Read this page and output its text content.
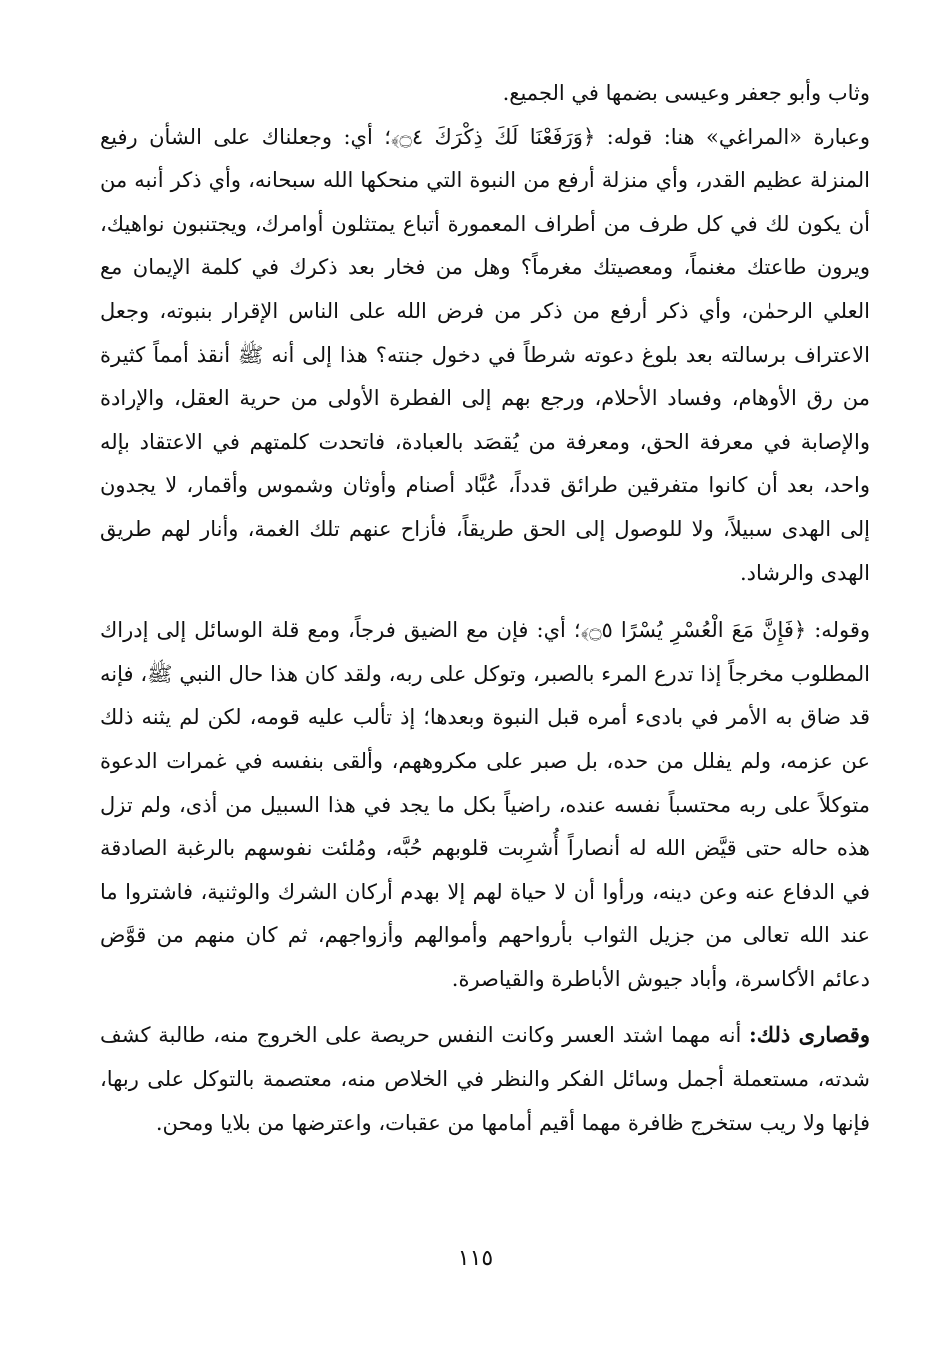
وثاب وأبو جعفر وعيسى بضمها في الجميع.

وعبارة «المراغي» هنا: قوله: ﴿وَرَفَعْنَا لَكَ ذِكْرَكَ ۝٤﴾؛ أي: وجعلناك على الشأن رفيع المنزلة عظيم القدر، وأي منزلة أرفع من النبوة التي منحكها الله سبحانه، وأي ذكر أنبه من أن يكون لك في كل طرف من أطراف المعمورة أتباع يمتثلون أوامرك، ويجتنبون نواهيك، ويرون طاعتك مغنماً، ومعصيتك مغرماً؟ وهل من فخار بعد ذكرك في كلمة الإيمان مع العلي الرحمٰن، وأي ذكر أرفع من ذكر من فرض الله على الناس الإقرار بنبوته، وجعل الاعتراف برسالته بعد بلوغ دعوته شرطاً في دخول جنته؟ هذا إلى أنه ﷺ أنقذ أمماً كثيرة من رق الأوهام، وفساد الأحلام، ورجع بهم إلى الفطرة الأولى من حرية العقل، والإرادة والإصابة في معرفة الحق، ومعرفة من يُقصَد بالعبادة، فاتحدت كلمتهم في الاعتقاد بإله واحد، بعد أن كانوا متفرقين طرائق قدداً، عُبَّاد أصنام وأوثان وشموس وأقمار، لا يجدون إلى الهدى سبيلاً، ولا للوصول إلى الحق طريقاً، فأزاح عنهم تلك الغمة، وأنار لهم طريق الهدى والرشاد.

وقوله: ﴿فَإِنَّ مَعَ الْعُسْرِ يُسْرًا ۝٥﴾؛ أي: فإن مع الضيق فرجاً، ومع قلة الوسائل إلى إدراك المطلوب مخرجاً إذا تدرع المرء بالصبر، وتوكل على ربه، ولقد كان هذا حال النبي ﷺ، فإنه قد ضاق به الأمر في بادىء أمره قبل النبوة وبعدها؛ إذ تألب عليه قومه، لكن لم يثنه ذلك عن عزمه، ولم يفلل من حده، بل صبر على مكروههم، وألقى بنفسه في غمرات الدعوة متوكلاً على ربه محتسباً نفسه عنده، راضياً بكل ما يجد في هذا السبيل من أذى، ولم تزل هذه حاله حتى قيَّض الله له أنصاراً أُشرِبت قلوبهم حُبَّه، ومُلئت نفوسهم بالرغبة الصادقة في الدفاع عنه وعن دينه، ورأوا أن لا حياة لهم إلا بهدم أركان الشرك والوثنية، فاشتروا ما عند الله تعالى من جزيل الثواب بأرواحهم وأموالهم وأزواجهم، ثم كان منهم من قوَّض دعائم الأكاسرة، وأباد جيوش الأباطرة والقياصرة.

وقصارى ذلك: أنه مهما اشتد العسر وكانت النفس حريصة على الخروج منه، طالبة كشف شدته، مستعملة أجمل وسائل الفكر والنظر في الخلاص منه، معتصمة بالتوكل على ربها، فإنها ولا ريب ستخرج ظافرة مهما أقيم أمامها من عقبات، واعترضها من بلايا ومحن.

١١٥
